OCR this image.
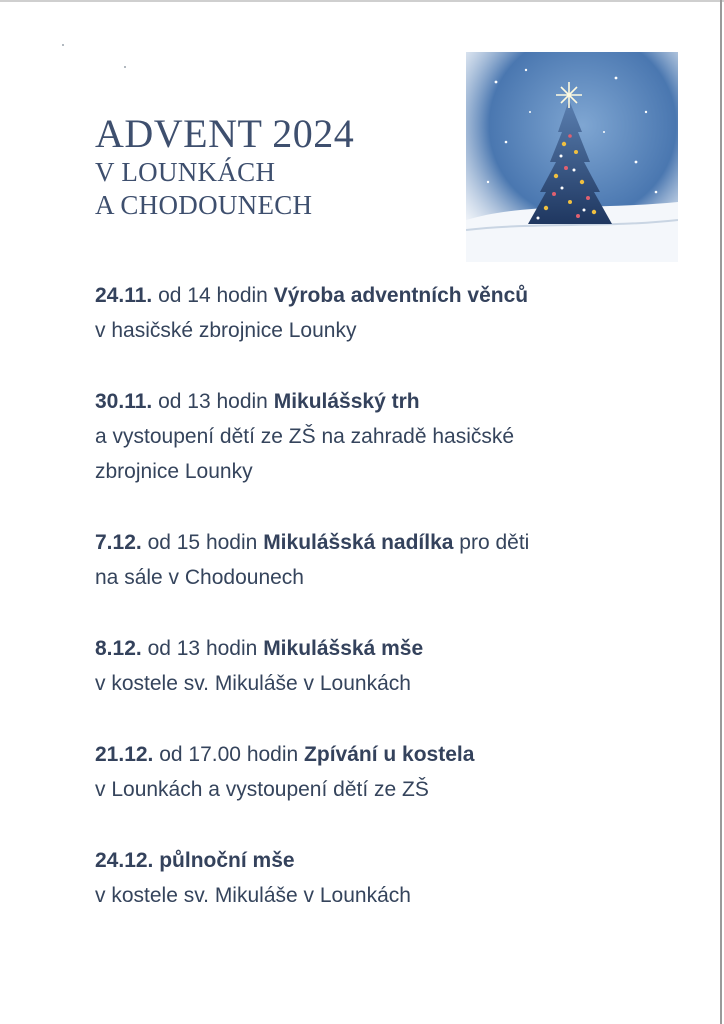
ADVENT 2024
V LOUNKÁCH
A CHODOUNECH
24.11. od 14 hodin Výroba adventních věnců
v hasičské zbrojnice Lounky
30.11. od 13 hodin Mikulášský trh
a vystoupení dětí ze ZŠ na zahradě hasičské
zbrojnice Lounky
7.12. od 15 hodin Mikulášská nadílka pro děti
na sále v Chodounech
8.12. od 13 hodin Mikulášská mše
v kostele sv. Mikuláše v Lounkách
21.12. od 17.00 hodin Zpívání u kostela
v Lounkách a vystoupení dětí ze ZŠ
24.12. půlnoční mše
v kostele sv. Mikuláše v Lounkách
